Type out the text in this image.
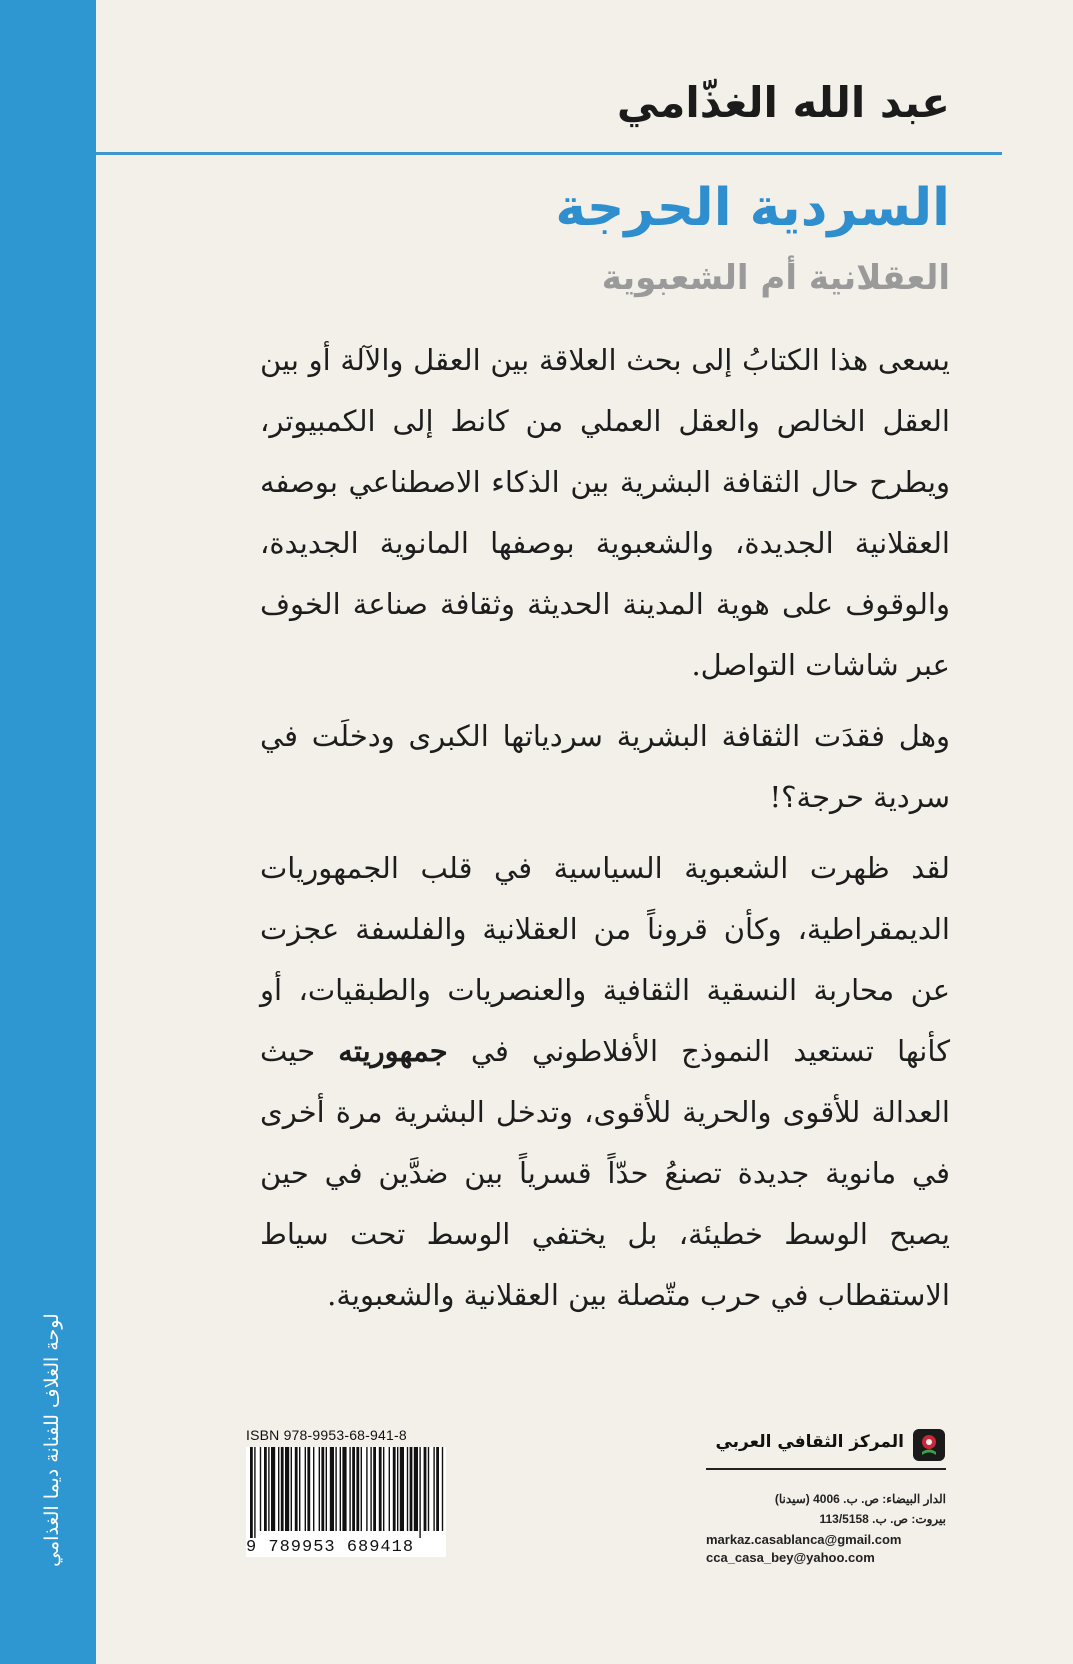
لوحة الغلاف للفنانة ديما الغذامي
عبد الله الغذّامي
السردية الحرجة
العقلانية أم الشعبوية

يسعى هذا الكتابُ إلى بحث العلاقة بين العقل والآلة أو بين العقل الخالص والعقل العملي من كانط إلى الكمبيوتر، ويطرح حال الثقافة البشرية بين الذكاء الاصطناعي بوصفه العقلانية الجديدة، والشعبوية بوصفها المانوية الجديدة، والوقوف على هوية المدينة الحديثة وثقافة صناعة الخوف عبر شاشات التواصل.

وهل فقدَت الثقافة البشرية سردياتها الكبرى ودخلَت في سردية حرجة؟!

لقد ظهرت الشعبوية السياسية في قلب الجمهوريات الديمقراطية، وكأن قروناً من العقلانية والفلسفة عجزت عن محاربة النسقية الثقافية والعنصريات والطبقيات، أو كأنها تستعيد النموذج الأفلاطوني في جمهوريته حيث العدالة للأقوى والحرية للأقوى، وتدخل البشرية مرة أخرى في مانوية جديدة تصنعُ حدّاً قسرياً بين ضدَّين في حين يصبح الوسط خطيئة، بل يختفي الوسط تحت سياط الاستقطاب في حرب متّصلة بين العقلانية والشعبوية.

ISBN 978-9953-68-941-8
9 789953 689418
المركز الثقافي العربي
الدار البيضاء: ص. ب. 4006 (سيدنا)
بيروت: ص. ب. 113/5158
markaz.casablanca@gmail.com
cca_casa_bey@yahoo.com
